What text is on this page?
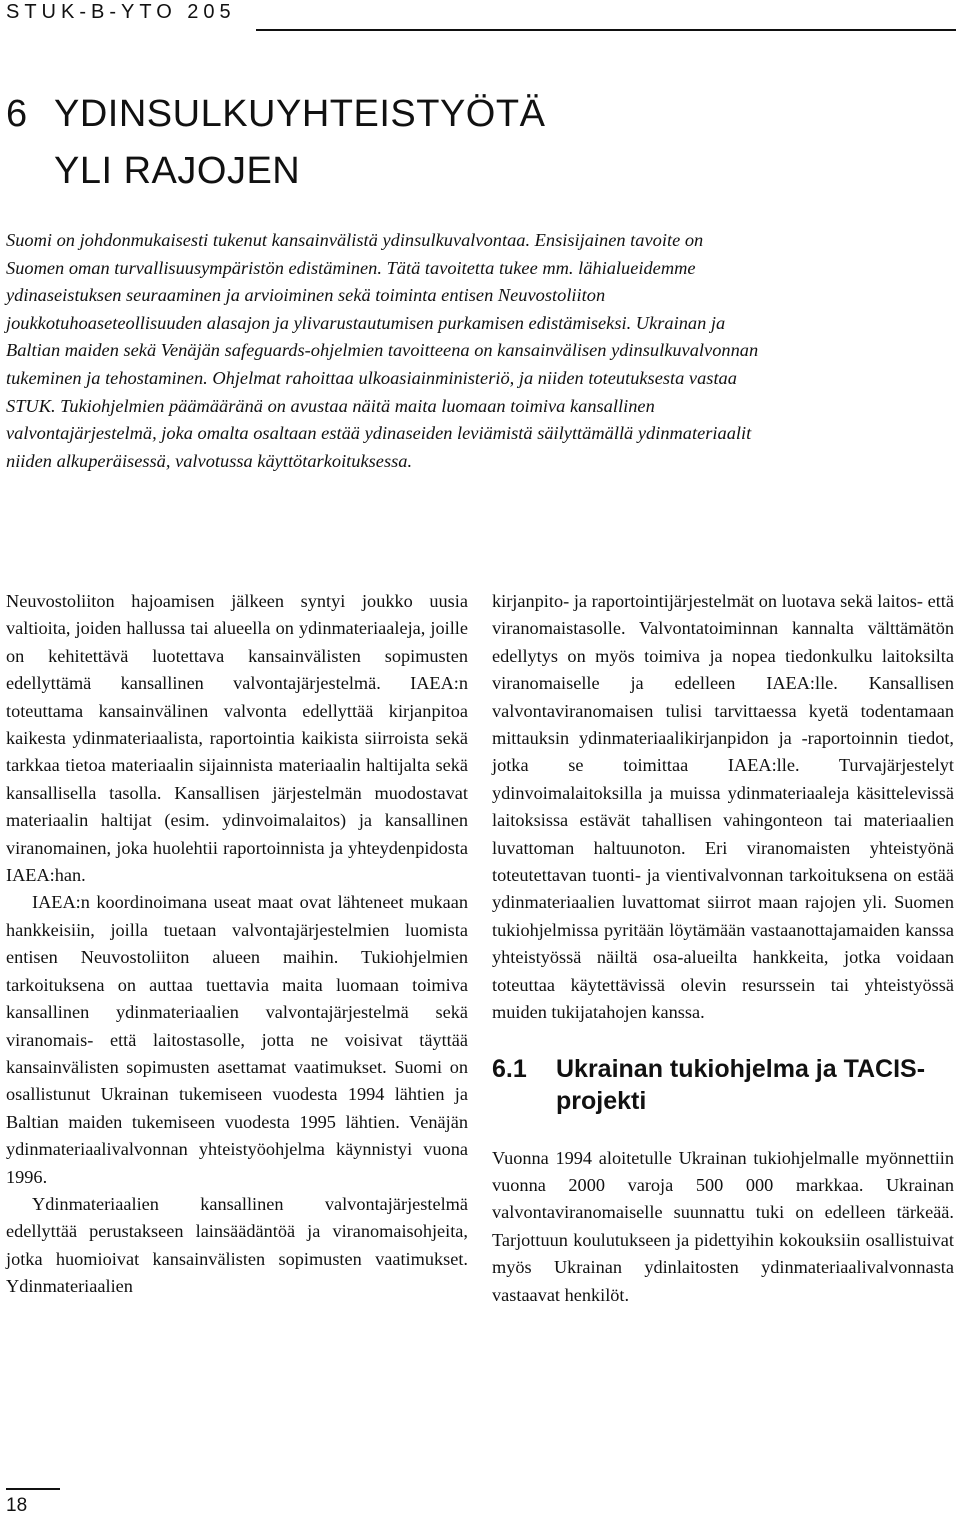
STUK-B-YTO 205
6 YDINSULKUYHTEISTYÖTÄ
YLI RAJOJEN

Suomi on johdonmukaisesti tukenut kansainvälistä ydinsulkuvalvontaa. Ensisijainen tavoite on Suomen oman turvallisuusympäristön edistäminen. Tätä tavoitetta tukee mm. lähialueidemme ydinaseistuksen seuraaminen ja arvioiminen sekä toiminta entisen Neuvostoliiton joukkotuhoaseteollisuuden alasajon ja ylivarustautumisen purkamisen edistämiseksi. Ukrainan ja Baltian maiden sekä Venäjän safeguards-ohjelmien tavoitteena on kansainvälisen ydinsulkuvalvonnan tukeminen ja tehostaminen. Ohjelmat rahoittaa ulkoasiainministeriö, ja niiden toteutuksesta vastaa STUK. Tukiohjelmien päämääränä on avustaa näitä maita luomaan toimiva kansallinen valvontajärjestelmä, joka omalta osaltaan estää ydinaseiden leviämistä säilyttämällä ydinmateriaalit niiden alkuperäisessä, valvotussa käyttötarkoituksessa.

Neuvostoliiton hajoamisen jälkeen syntyi joukko uusia valtioita, joiden hallussa tai alueella on ydinmateriaaleja, joille on kehitettävä luotettava kansainvälisten sopimusten edellyttämä kansallinen valvontajärjestelmä. IAEA:n toteuttama kansainvälinen valvonta edellyttää kirjanpitoa kaikesta ydinmateriaalista, raportointia kaikista siirroista sekä tarkkaa tietoa materiaalin sijainnista materiaalin haltijalta sekä kansallisella tasolla. Kansallisen järjestelmän muodostavat materiaalin haltijat (esim. ydinvoimalaitos) ja kansallinen viranomainen, joka huolehtii raportoinnista ja yhteydenpidosta IAEA:han.

IAEA:n koordinoimana useat maat ovat lähteneet mukaan hankkeisiin, joilla tuetaan valvontajärjestelmien luomista entisen Neuvostoliiton alueen maihin. Tukiohjelmien tarkoituksena on auttaa tuettavia maita luomaan toimiva kansallinen ydinmateriaalien valvontajärjestelmä sekä viranomais- että laitostasolle, jotta ne voisivat täyttää kansainvälisten sopimusten asettamat vaatimukset. Suomi on osallistunut Ukrainan tukemiseen vuodesta 1994 lähtien ja Baltian maiden tukemiseen vuodesta 1995 lähtien. Venäjän ydinmateriaalivalvonnan yhteistyöohjelma käynnistyi vuona 1996.

Ydinmateriaalien kansallinen valvontajärjestelmä edellyttää perustakseen lainsäädäntöä ja viranomaisohjeita, jotka huomioivat kansainvälisten sopimusten vaatimukset. Ydinmateriaalien

kirjanpito- ja raportointijärjestelmät on luotava sekä laitos- että viranomaistasolle. Valvontatoiminnan kannalta välttämätön edellytys on myös toimiva ja nopea tiedonkulku laitoksilta viranomaiselle ja edelleen IAEA:lle. Kansallisen valvontaviranomaisen tulisi tarvittaessa kyetä todentamaan mittauksin ydinmateriaalikirjanpidon ja -raportoinnin tiedot, jotka se toimittaa IAEA:lle. Turvajärjestelyt ydinvoimalaitoksilla ja muissa ydinmateriaaleja käsittelevissä laitoksissa estävät tahallisen vahingonteon tai materiaalien luvattoman haltuunoton. Eri viranomaisten yhteistyönä toteutettavan tuonti- ja vientivalvonnan tarkoituksena on estää ydinmateriaalien luvattomat siirrot maan rajojen yli. Suomen tukiohjelmissa pyritään löytämään vastaanottajamaiden kanssa yhteistyössä näiltä osa-alueilta hankkeita, jotka voidaan toteuttaa käytettävissä olevin resurssein tai yhteistyössä muiden tukijatahojen kanssa.

6.1	Ukrainan tukiohjelma ja TACIS-projekti

Vuonna 1994 aloitetulle Ukrainan tukiohjelmalle myönnettiin vuonna 2000 varoja 500 000 markkaa. Ukrainan valvontaviranomaiselle suunnattu tuki on edelleen tärkeää. Tarjottuun koulutukseen ja pidettyihin kokouksiin osallistuivat myös Ukrainan ydinlaitosten ydinmateriaalivalvonnasta vastaavat henkilöt.

18
